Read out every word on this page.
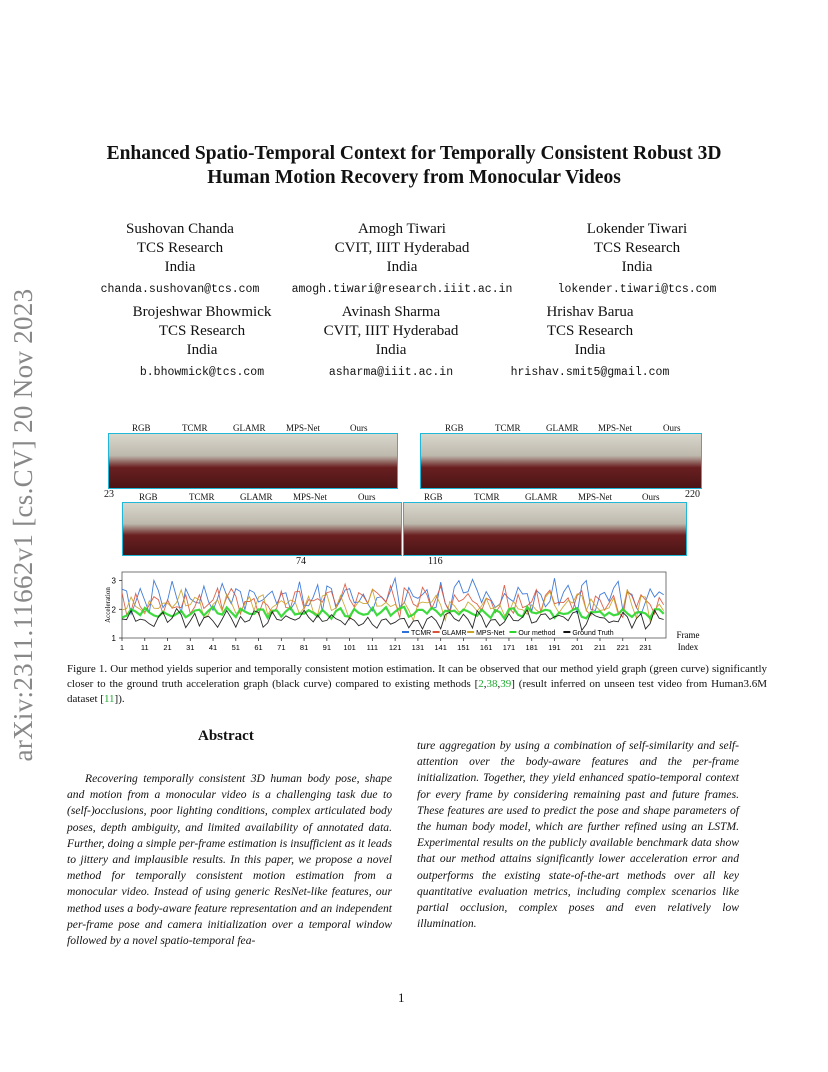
arXiv:2311.11662v1 [cs.CV] 20 Nov 2023
Enhanced Spatio-Temporal Context for Temporally Consistent Robust 3D
Human Motion Recovery from Monocular Videos
Sushovan Chanda
TCS Research
India
chanda.sushovan@tcs.com
Amogh Tiwari
CVIT, IIIT Hyderabad
India
amogh.tiwari@research.iiit.ac.in
Lokender Tiwari
TCS Research
India
lokender.tiwari@tcs.com
Brojeshwar Bhowmick
TCS Research
India
b.bhowmick@tcs.com
Avinash Sharma
CVIT, IIIT Hyderabad
India
asharma@iiit.ac.in
Hrishav Barua
TCS Research
India
hrishav.smit5@gmail.com
RGB	TCMR	GLAMR MPS-Net	Ours	RGB	TCMR	GLAMR MPS-Net	Ours
23	220
RGB	TCMR	GLAMR MPS-Net	Ours	RGB	TCMR	GLAMR MPS-Net	Ours
74	116
1
2
3
1 11 21 31 41 51 61 71 81 91 101 111 121 131 141 151 161 171 181 191 201 211 221 231
Acceleration
Frame
Index
TCMR GLAMR MPS-Net Our method Ground Truth
Figure 1. Our method yields superior and temporally consistent motion estimation. It can be observed that our method yield graph (green curve) significantly closer to the ground truth acceleration graph (black curve) compared to existing methods [2,38,39] (result inferred on unseen test video from Human3.6M dataset [11]).
Abstract
Recovering temporally consistent 3D human body pose, shape and motion from a monocular video is a challenging task due to (self-)occlusions, poor lighting conditions, complex articulated body poses, depth ambiguity, and limited availability of annotated data. Further, doing a simple per-frame estimation is insufficient as it leads to jittery and implausible results. In this paper, we propose a novel method for temporally consistent motion estimation from a monocular video. Instead of using generic ResNet-like features, our method uses a body-aware feature representation and an independent per-frame pose and camera initialization over a temporal window followed by a novel spatio-temporal fea-
ture aggregation by using a combination of self-similarity and self-attention over the body-aware features and the per-frame initialization. Together, they yield enhanced spatio-temporal context for every frame by considering remaining past and future frames. These features are used to predict the pose and shape parameters of the human body model, which are further refined using an LSTM. Experimental results on the publicly available benchmark data show that our method attains significantly lower acceleration error and outperforms the existing state-of-the-art methods over all key quantitative evaluation metrics, including complex scenarios like partial occlusion, complex poses and even relatively low illumination.
1
